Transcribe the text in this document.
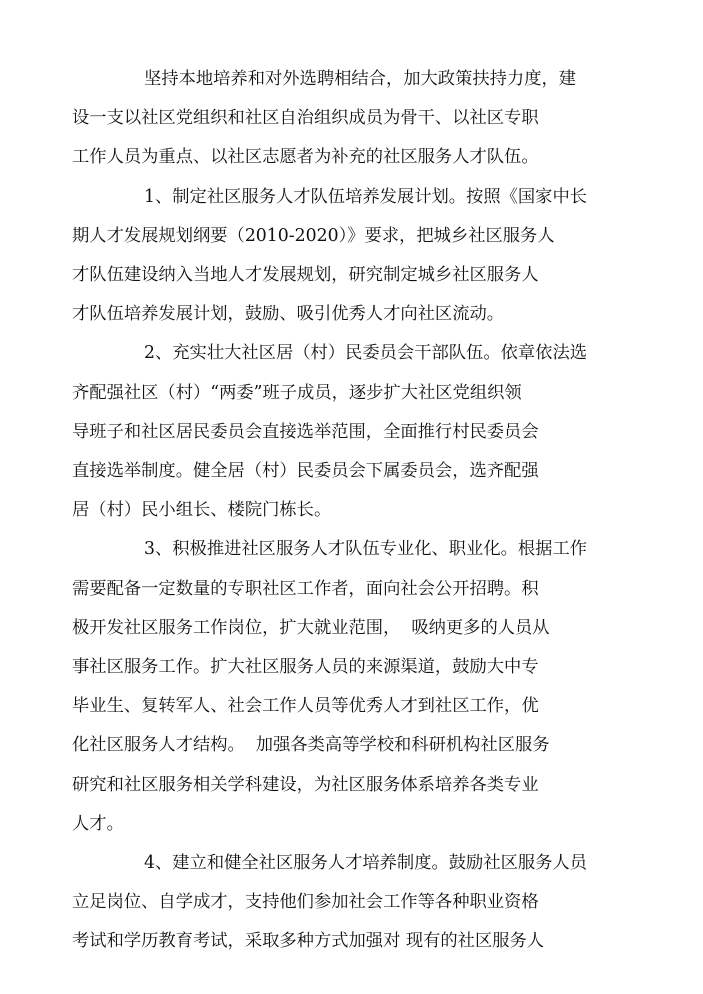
坚持本地培养和对外选聘相结合，加大政策扶持力度，建
设一支以社区党组织和社区自治组织成员为骨干、以社区专职
工作人员为重点、以社区志愿者为补充的社区服务人才队伍。
1、制定社区服务人才队伍培养发展计划。按照《国家中长
期人才发展规划纲要（2010-2020）》要求，把城乡社区服务人
才队伍建设纳入当地人才发展规划，研究制定城乡社区服务人
才队伍培养发展计划，鼓励、吸引优秀人才向社区流动。
2、充实壮大社区居（村）民委员会干部队伍。依章依法选
齐配强社区（村）“两委”班子成员，逐步扩大社区党组织领
导班子和社区居民委员会直接选举范围，全面推行村民委员会
直接选举制度。健全居（村）民委员会下属委员会，选齐配强
居（村）民小组长、楼院门栋长。
3、积极推进社区服务人才队伍专业化、职业化。根据工作
需要配备一定数量的专职社区工作者，面向社会公开招聘。积
极开发社区服务工作岗位，扩大就业范围，  吸纳更多的人员从
事社区服务工作。扩大社区服务人员的来源渠道，鼓励大中专
毕业生、复转军人、社会工作人员等优秀人才到社区工作，优
化社区服务人才结构。  加强各类高等学校和科研机构社区服务
研究和社区服务相关学科建设，为社区服务体系培养各类专业
人才。
4、建立和健全社区服务人才培养制度。鼓励社区服务人员
立足岗位、自学成才，支持他们参加社会工作等各种职业资格
考试和学历教育考试，采取多种方式加强对 现有的社区服务人
